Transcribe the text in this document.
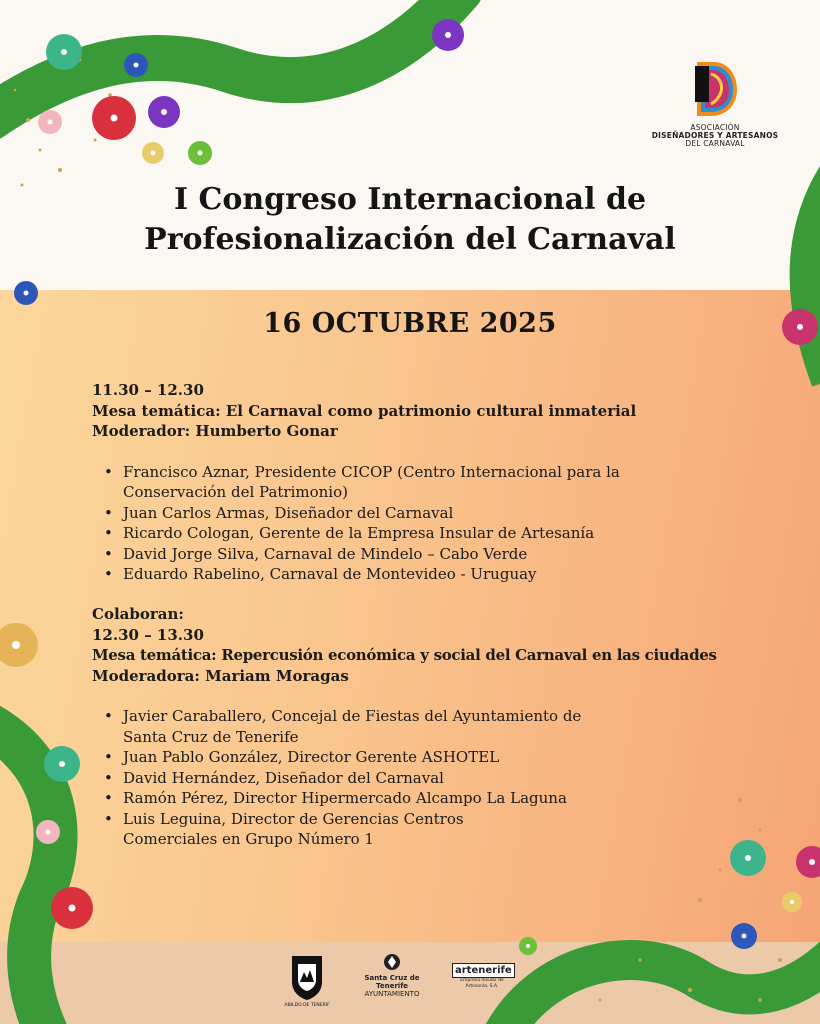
ASOCIACIÓN
DISEÑADORES Y ARTESANOS
DEL CARNAVAL
I Congreso Internacional de
Profesionalización del Carnaval
16 OCTUBRE 2025
11.30 – 12.30
Mesa temática: El Carnaval como patrimonio cultural inmaterial
Moderador: Humberto Gonar
• Francisco Aznar, Presidente CICOP (Centro Internacional para la Conservación del Patrimonio)
• Juan Carlos Armas, Diseñador del Carnaval
• Ricardo Cologan, Gerente de la Empresa Insular de Artesanía
• David Jorge Silva, Carnaval de Mindelo – Cabo Verde
• Eduardo Rabelino, Carnaval de Montevideo - Uruguay
Colaboran:
12.30 – 13.30
Mesa temática: Repercusión económica y social del Carnaval en las ciudades
Moderadora: Mariam Moragas
• Javier Caraballero, Concejal de Fiestas del Ayuntamiento de Santa Cruz de Tenerife
• Juan Pablo González, Director Gerente ASHOTEL
• David Hernández, Diseñador del Carnaval
• Ramón Pérez, Director Hipermercado Alcampo La Laguna
• Luis Leguina, Director de Gerencias Centros Comerciales en Grupo Número 1
CABILDO DE TENERIFE
Santa Cruz de Tenerife
AYUNTAMIENTO
artenerife
Empresa Insular de Artesanía, S.A.
